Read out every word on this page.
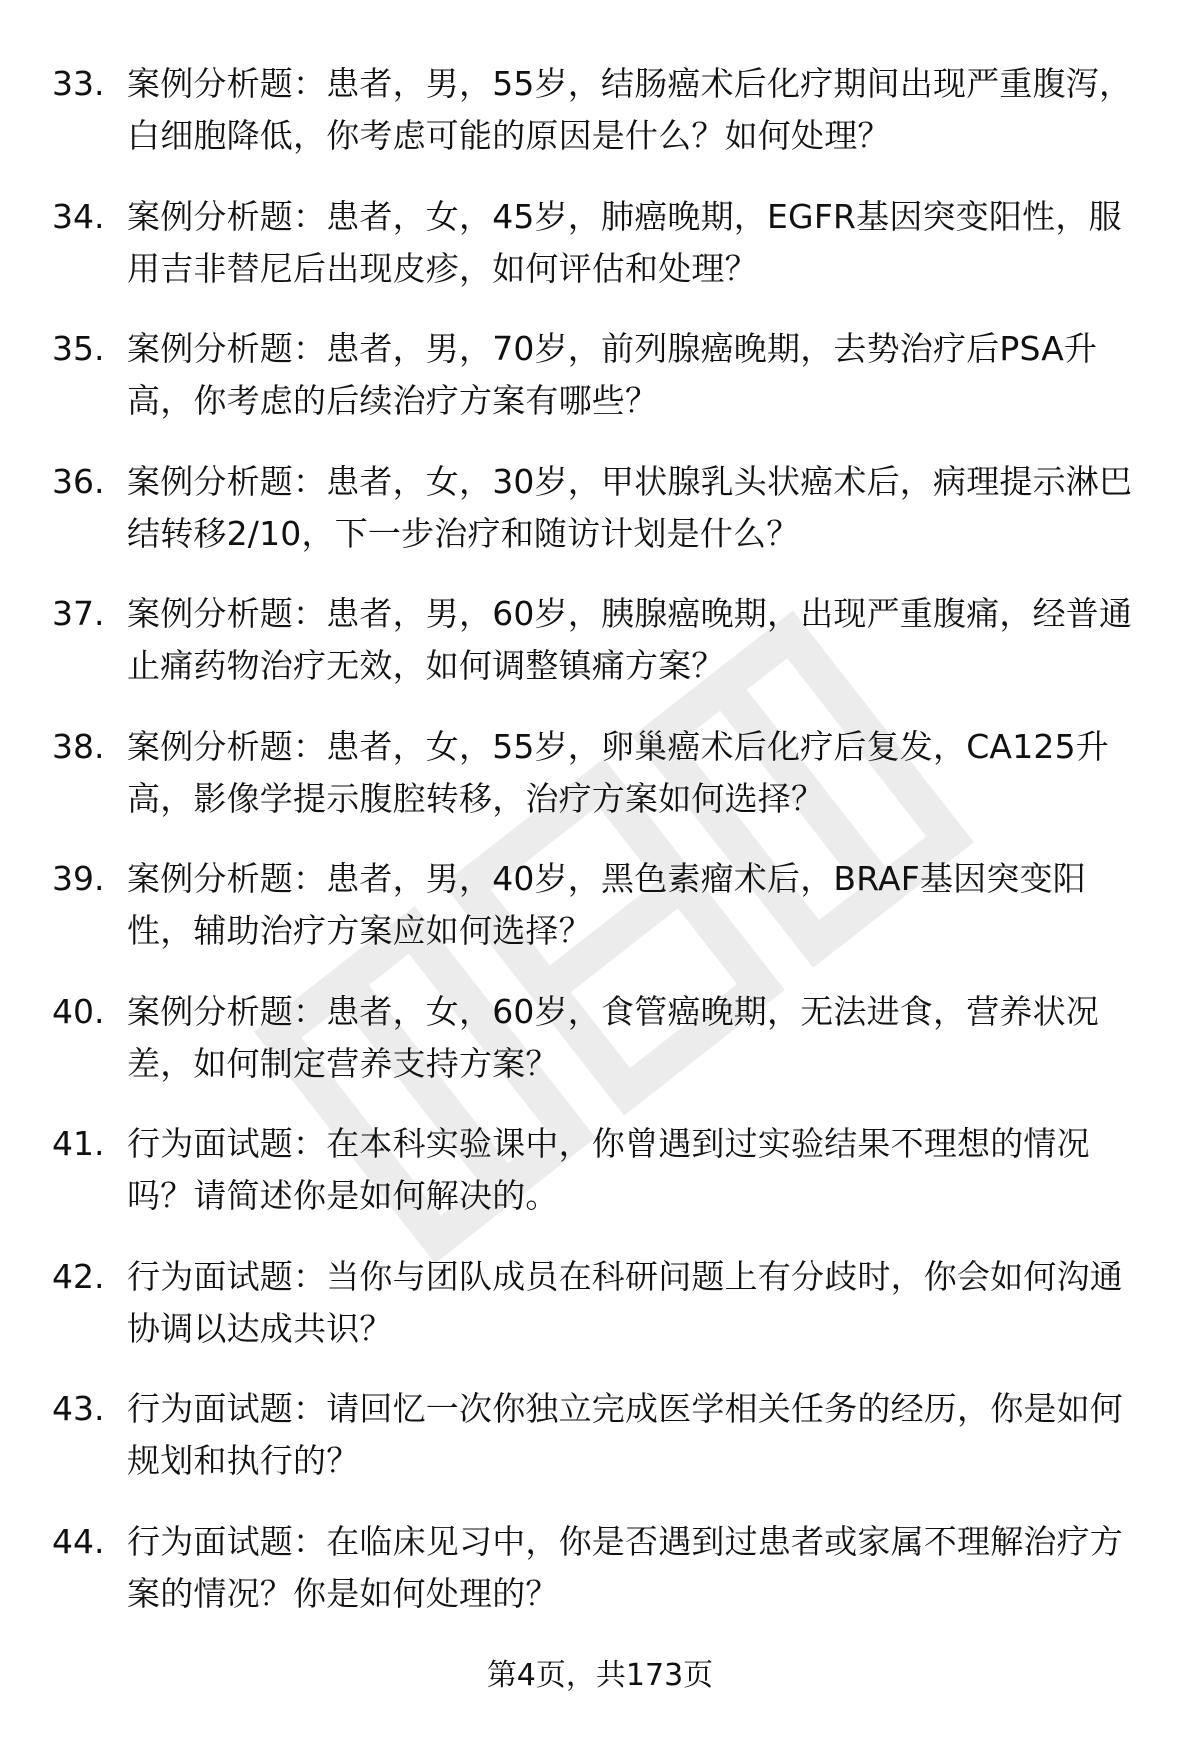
33. 案例分析题：患者，男，55岁，结肠癌术后化疗期间出现严重腹泻，白细胞降低，你考虑可能的原因是什么？如何处理？
34. 案例分析题：患者，女，45岁，肺癌晚期，EGFR基因突变阳性，服用吉非替尼后出现皮疹，如何评估和处理？
35. 案例分析题：患者，男，70岁，前列腺癌晚期，去势治疗后PSA升高，你考虑的后续治疗方案有哪些？
36. 案例分析题：患者，女，30岁，甲状腺乳头状癌术后，病理提示淋巴结转移2/10，下一步治疗和随访计划是什么？
37. 案例分析题：患者，男，60岁，胰腺癌晚期，出现严重腹痛，经普通止痛药物治疗无效，如何调整镇痛方案？
38. 案例分析题：患者，女，55岁，卵巢癌术后化疗后复发，CA125升高，影像学提示腹腔转移，治疗方案如何选择？
39. 案例分析题：患者，男，40岁，黑色素瘤术后，BRAF基因突变阳性，辅助治疗方案应如何选择？
40. 案例分析题：患者，女，60岁，食管癌晚期，无法进食，营养状况差，如何制定营养支持方案？
41. 行为面试题：在本科实验课中，你曾遇到过实验结果不理想的情况吗？请简述你是如何解决的。
42. 行为面试题：当你与团队成员在科研问题上有分歧时，你会如何沟通协调以达成共识？
43. 行为面试题：请回忆一次你独立完成医学相关任务的经历，你是如何规划和执行的？
44. 行为面试题：在临床见习中，你是否遇到过患者或家属不理解治疗方案的情况？你是如何处理的？
第4页，共173页
